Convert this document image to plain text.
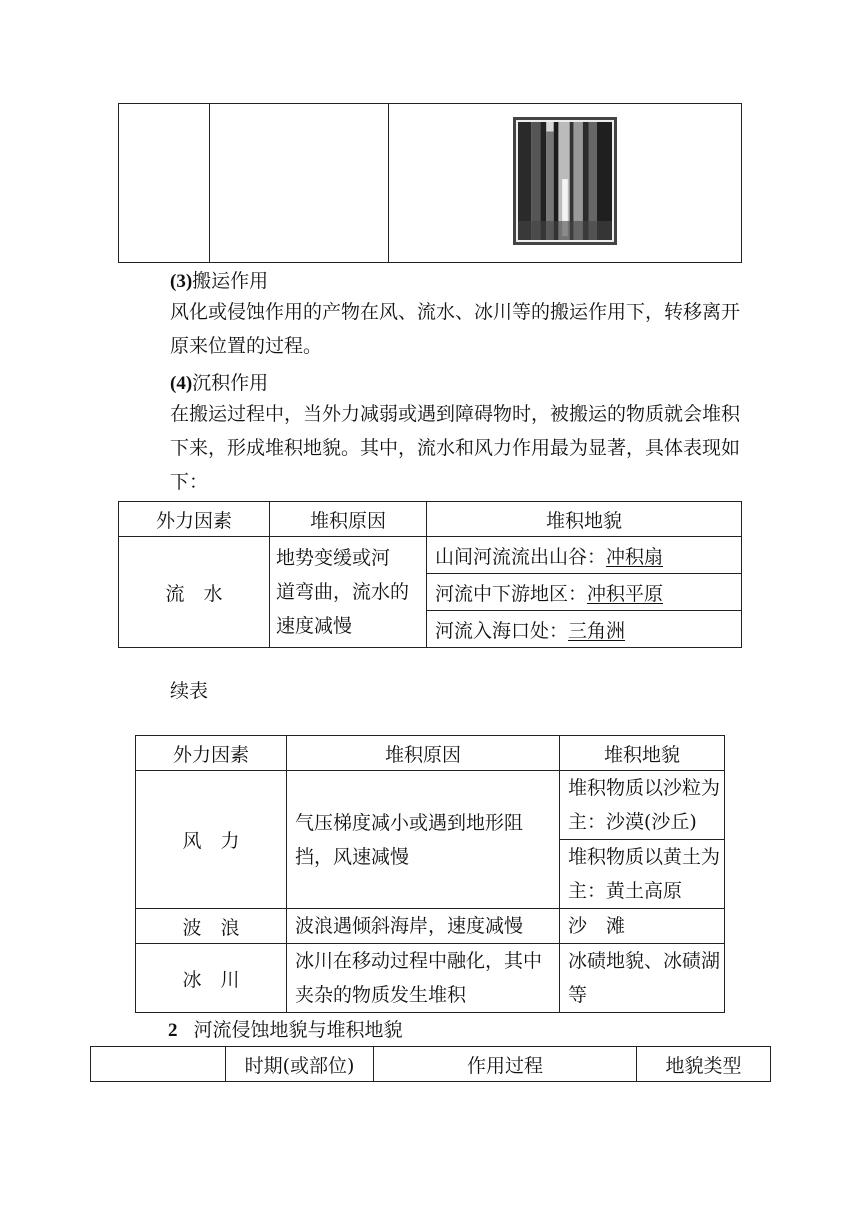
(3)搬运作用
风化或侵蚀作用的产物在风、流水、冰川等的搬运作用下，转移离开原来位置的过程。
(4)沉积作用
在搬运过程中，当外力减弱或遇到障碍物时，被搬运的物质就会堆积下来，形成堆积地貌。其中，流水和风力作用最为显著，具体表现如下：
外力因素	堆积原因	堆积地貌
流　水	地势变缓或河
道弯曲，流水的
速度减慢	山间河流流出山谷：冲积扇
		河流中下游地区：冲积平原
		河流入海口处：三角洲
续表
外力因素	堆积原因	堆积地貌
风　力	气压梯度减小或遇到地形阻挡，风速减慢	堆积物质以沙粒为主：沙漠(沙丘)
		堆积物质以黄土为主：黄土高原
波　浪	波浪遇倾斜海岸，速度减慢	沙　滩
冰　川	冰川在移动过程中融化，其中夹杂的物质发生堆积	冰碛地貌、冰碛湖等
2 河流侵蚀地貌与堆积地貌
	时期(或部位)	作用过程	地貌类型
